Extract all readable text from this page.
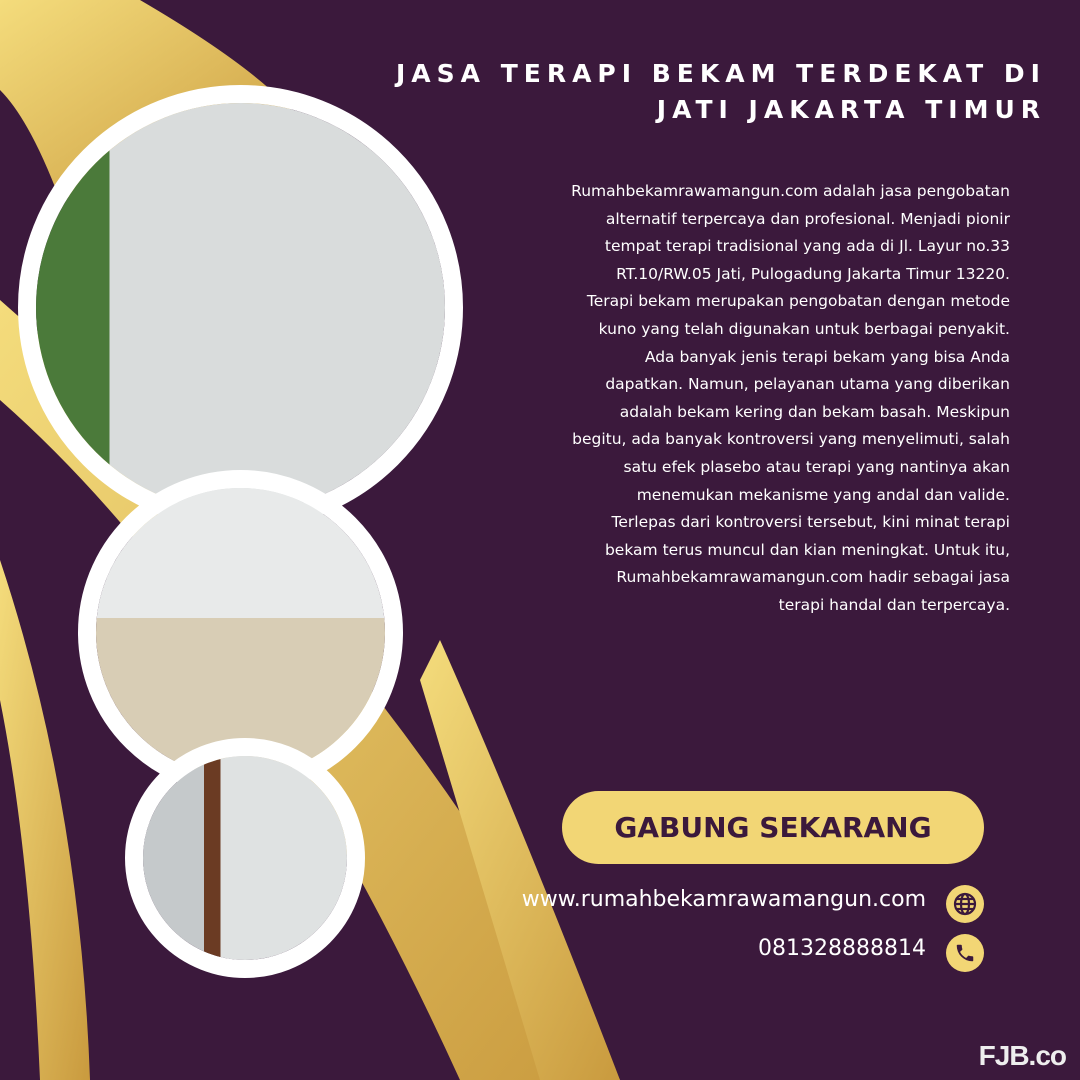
JASA TERAPI BEKAM TERDEKAT DI
JATI JAKARTA TIMUR

Rumahbekamrawamangun.com adalah jasa pengobatan alternatif terpercaya dan profesional. Menjadi pionir tempat terapi tradisional yang ada di Jl. Layur no.33 RT.10/RW.05 Jati, Pulogadung Jakarta Timur 13220.

Terapi bekam merupakan pengobatan dengan metode kuno yang telah digunakan untuk berbagai penyakit. Ada banyak jenis terapi bekam yang bisa Anda dapatkan. Namun, pelayanan utama yang diberikan adalah bekam kering dan bekam basah. Meskipun begitu, ada banyak kontroversi yang menyelimuti, salah satu efek plasebo atau terapi yang nantinya akan menemukan mekanisme yang andal dan valide. Terlepas dari kontroversi tersebut, kini minat terapi bekam terus muncul dan kian meningkat. Untuk itu, Rumahbekamrawamangun.com hadir sebagai jasa terapi handal dan terpercaya.

GABUNG SEKARANG
www.rumahbekamrawamangun.com
081328888814
FJB.co
